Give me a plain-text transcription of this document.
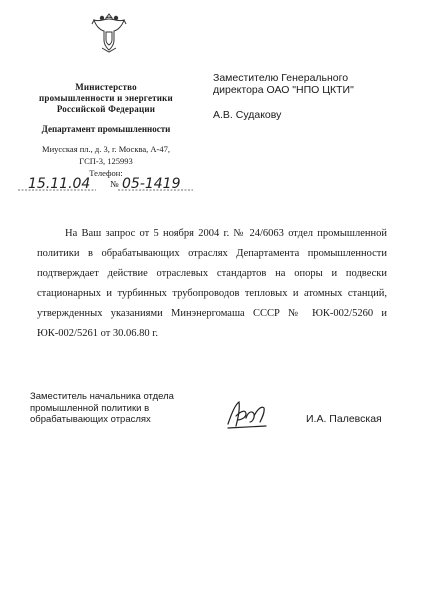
Министерство
промышленности и энергетики
Российской Федерации
Департамент промышленности
Миусская пл., д. 3, г. Москва, А-47,
ГСП-3, 125993
Телефон:
15.11.04 № 05-1419
Заместителю Генерального
директора ОАО "НПО ЦКТИ"
А.В. Судакову
На Ваш запрос от 5 ноября 2004 г. № 24/6063 отдел промышленной политики в обрабатывающих отраслях Департамента промышленности подтверждает действие отраслевых стандартов на опоры и подвески стационарных и турбинных трубопроводов тепловых и атомных станций, утвержденных указаниями Минэнергомаша СССР № ЮК-002/5260 и ЮК-002/5261 от 30.06.80 г.
Заместитель начальника отдела
промышленной политики в
обрабатывающих отраслях	И.А. Палевская
